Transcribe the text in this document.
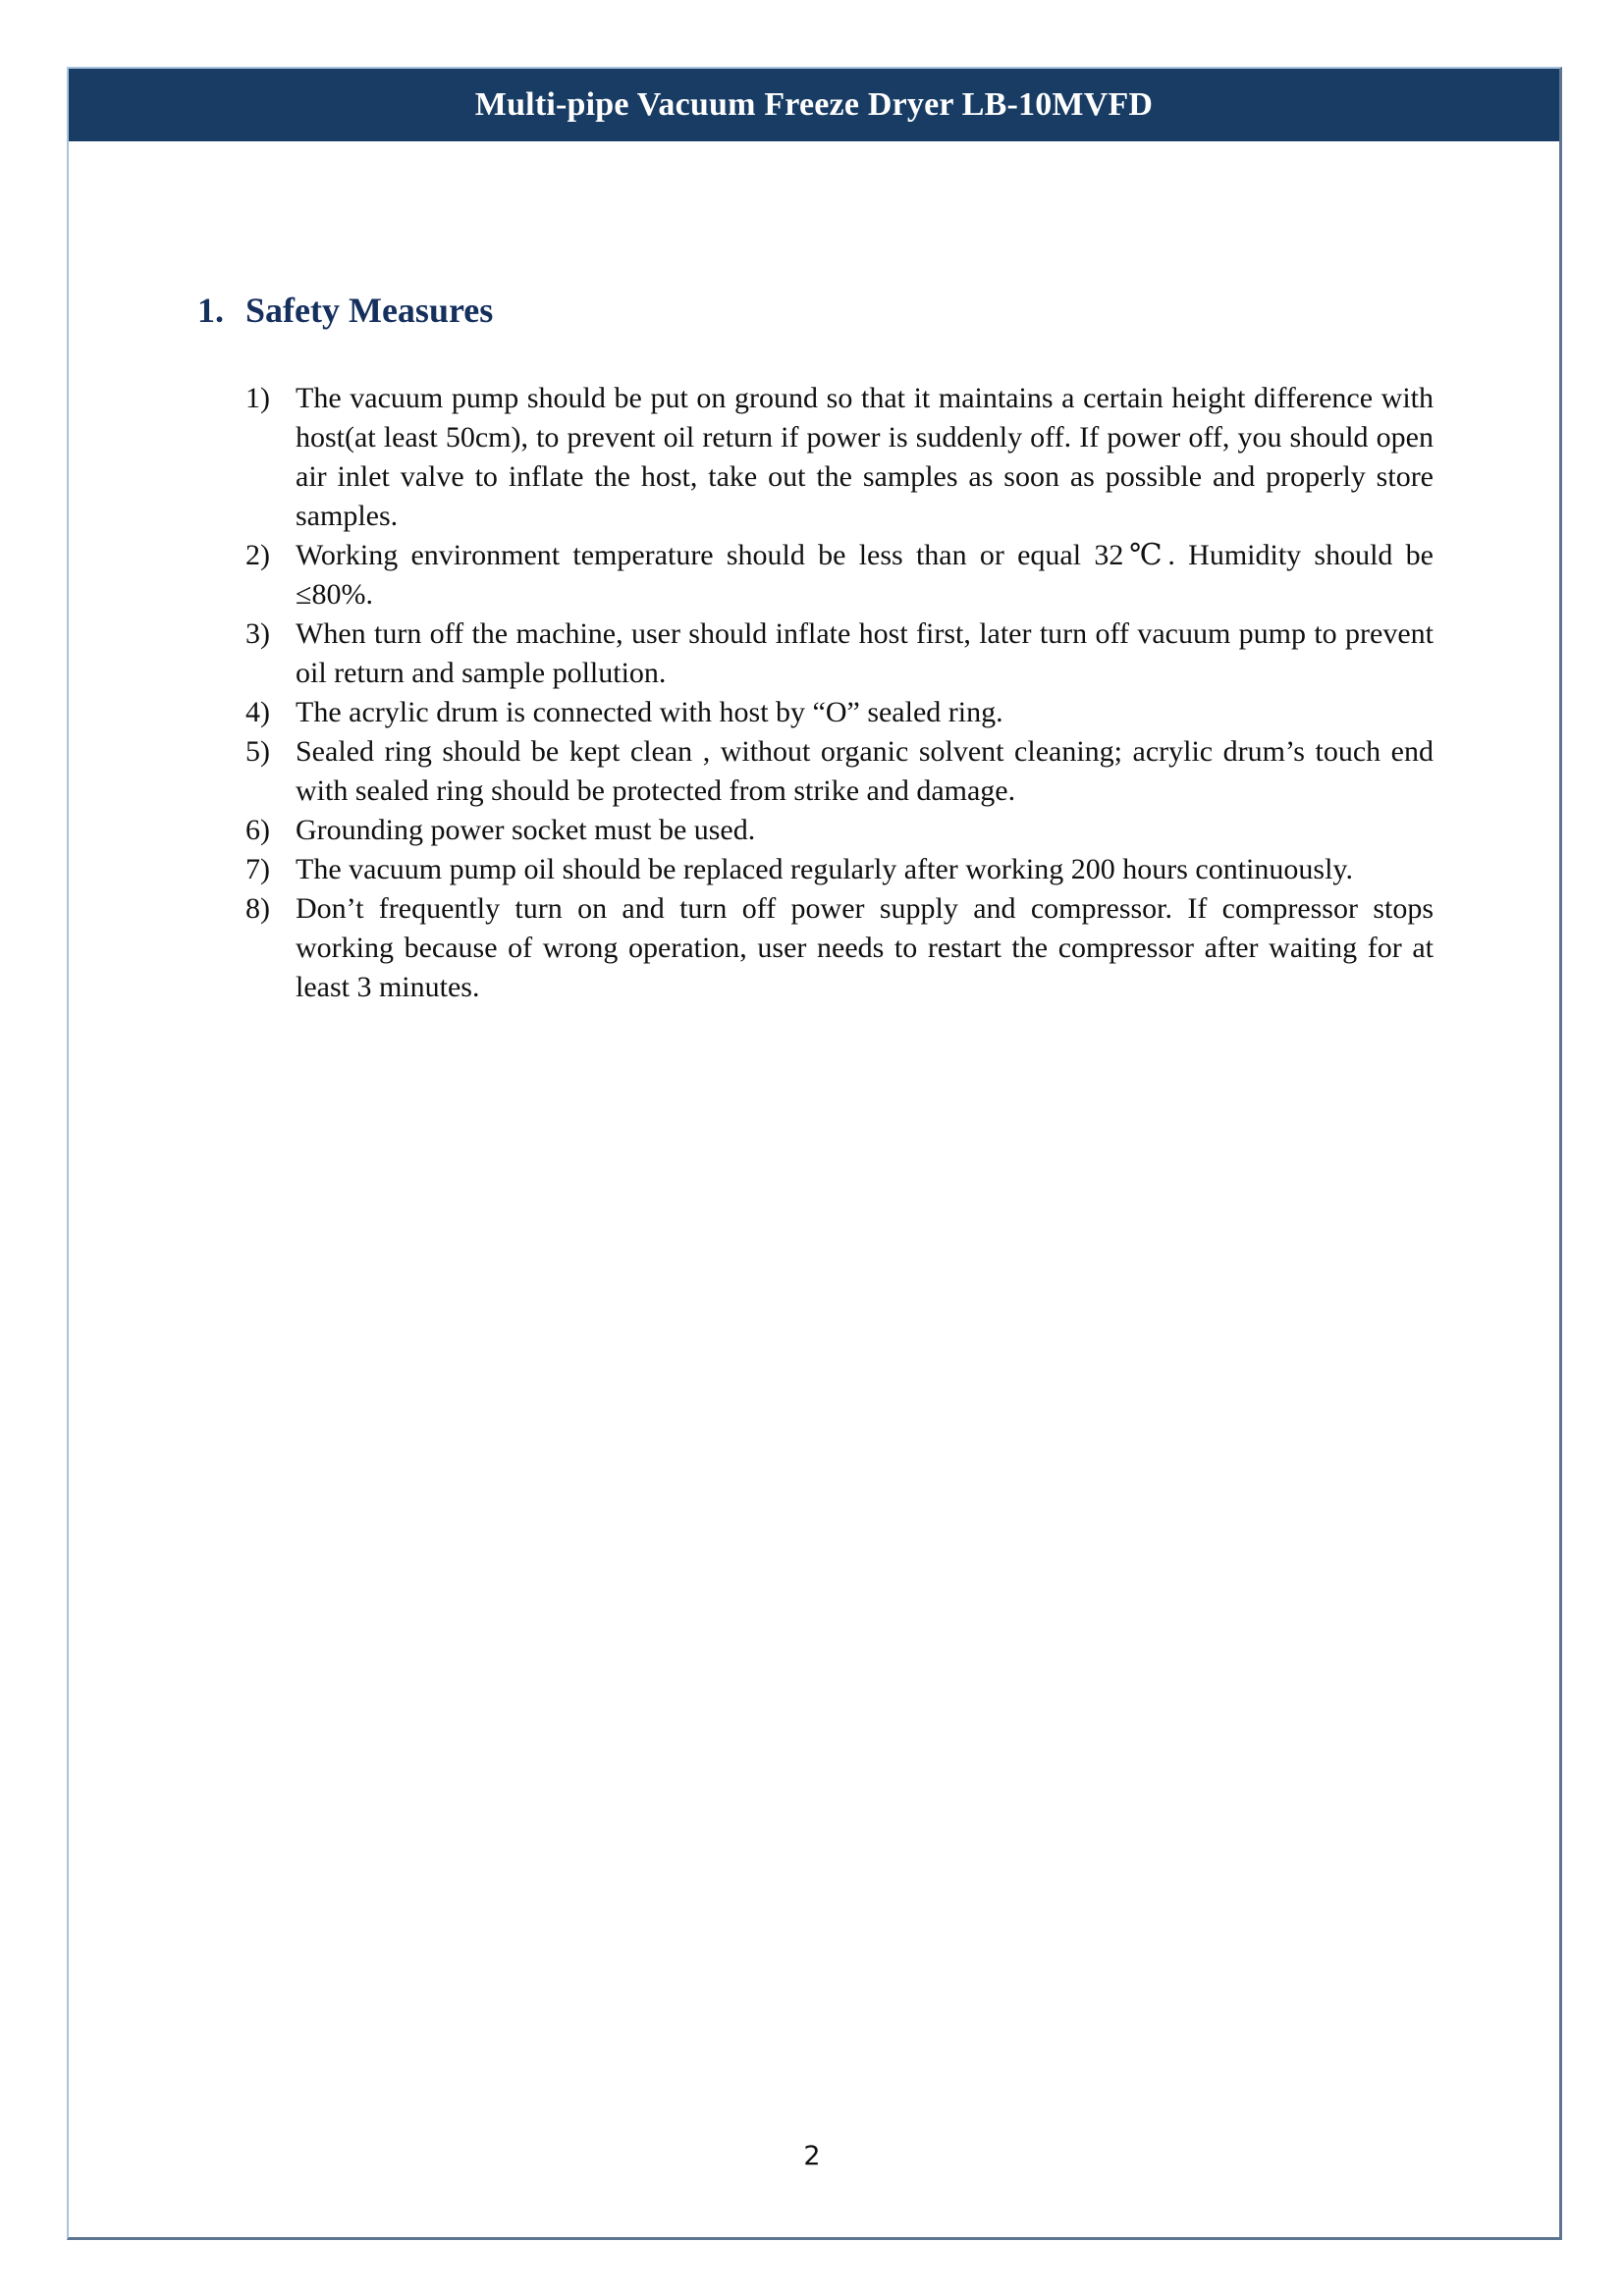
Multi-pipe Vacuum Freeze Dryer LB-10MVFD
1. Safety Measures
1) The vacuum pump should be put on ground so that it maintains a certain height difference with host(at least 50cm), to prevent oil return if power is suddenly off. If power off, you should open air inlet valve to inflate the host, take out the samples as soon as possible and properly store samples.
2) Working environment temperature should be less than or equal 32℃. Humidity should be ≤80%.
3) When turn off the machine, user should inflate host first, later turn off vacuum pump to prevent oil return and sample pollution.
4) The acrylic drum is connected with host by “O” sealed ring.
5) Sealed ring should be kept clean , without organic solvent cleaning; acrylic drum’s touch end with sealed ring should be protected from strike and damage.
6) Grounding power socket must be used.
7) The vacuum pump oil should be replaced regularly after working 200 hours continuously.
8) Don’t frequently turn on and turn off power supply and compressor. If compressor stops working because of wrong operation, user needs to restart the compressor after waiting for at least 3 minutes.
2
